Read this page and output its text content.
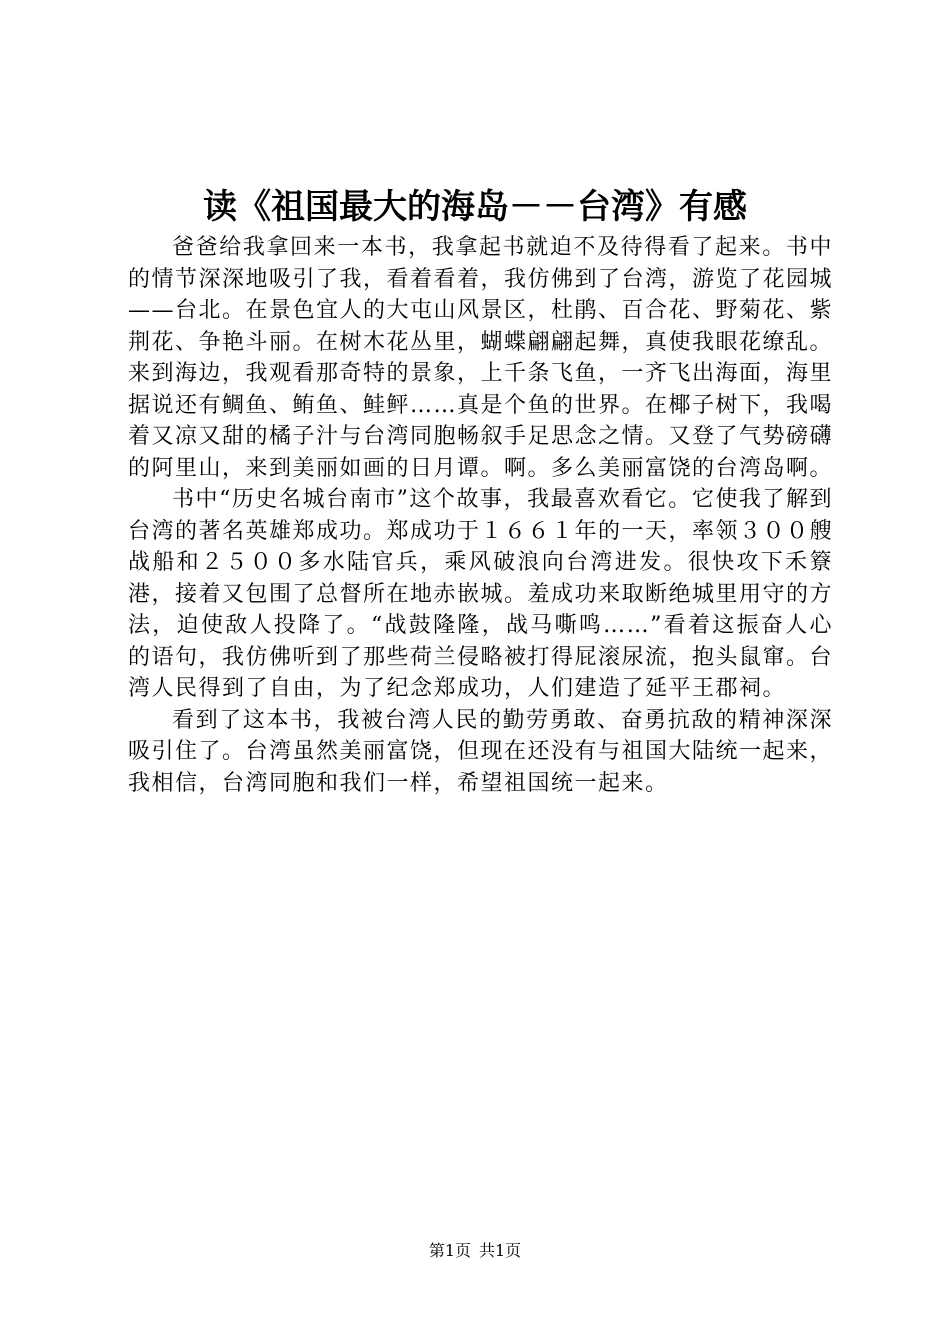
读《祖国最大的海岛－－台湾》有感

爸爸给我拿回来一本书，我拿起书就迫不及待得看了起来。书中的情节深深地吸引了我，看着看着，我仿佛到了台湾，游览了花园城——台北。在景色宜人的大屯山风景区，杜鹃、百合花、野菊花、紫荆花、争艳斗丽。在树木花丛里，蝴蝶翩翩起舞，真使我眼花缭乱。来到海边，我观看那奇特的景象，上千条飞鱼，一齐飞出海面，海里据说还有鲷鱼、鲔鱼、鲑鲆……真是个鱼的世界。在椰子树下，我喝着又凉又甜的橘子汁与台湾同胞畅叙手足思念之情。又登了气势磅礴的阿里山，来到美丽如画的日月谭。啊。多么美丽富饶的台湾岛啊。

书中“历史名城台南市”这个故事，我最喜欢看它。它使我了解到台湾的著名英雄郑成功。郑成功于１６６１年的一天，率领３００艘战船和２５００多水陆官兵，乘风破浪向台湾进发。很快攻下禾簝港，接着又包围了总督所在地赤嵌城。羞成功来取断绝城里用守的方法，迫使敌人投降了。“战鼓隆隆，战马嘶鸣……”看着这振奋人心的语句，我仿佛听到了那些荷兰侵略被打得屁滚尿流，抱头鼠窜。台湾人民得到了自由，为了纪念郑成功，人们建造了延平王郡祠。

看到了这本书，我被台湾人民的勤劳勇敢、奋勇抗敌的精神深深吸引住了。台湾虽然美丽富饶，但现在还没有与祖国大陆统一起来，我相信，台湾同胞和我们一样，希望祖国统一起来。

第1页 共1页
